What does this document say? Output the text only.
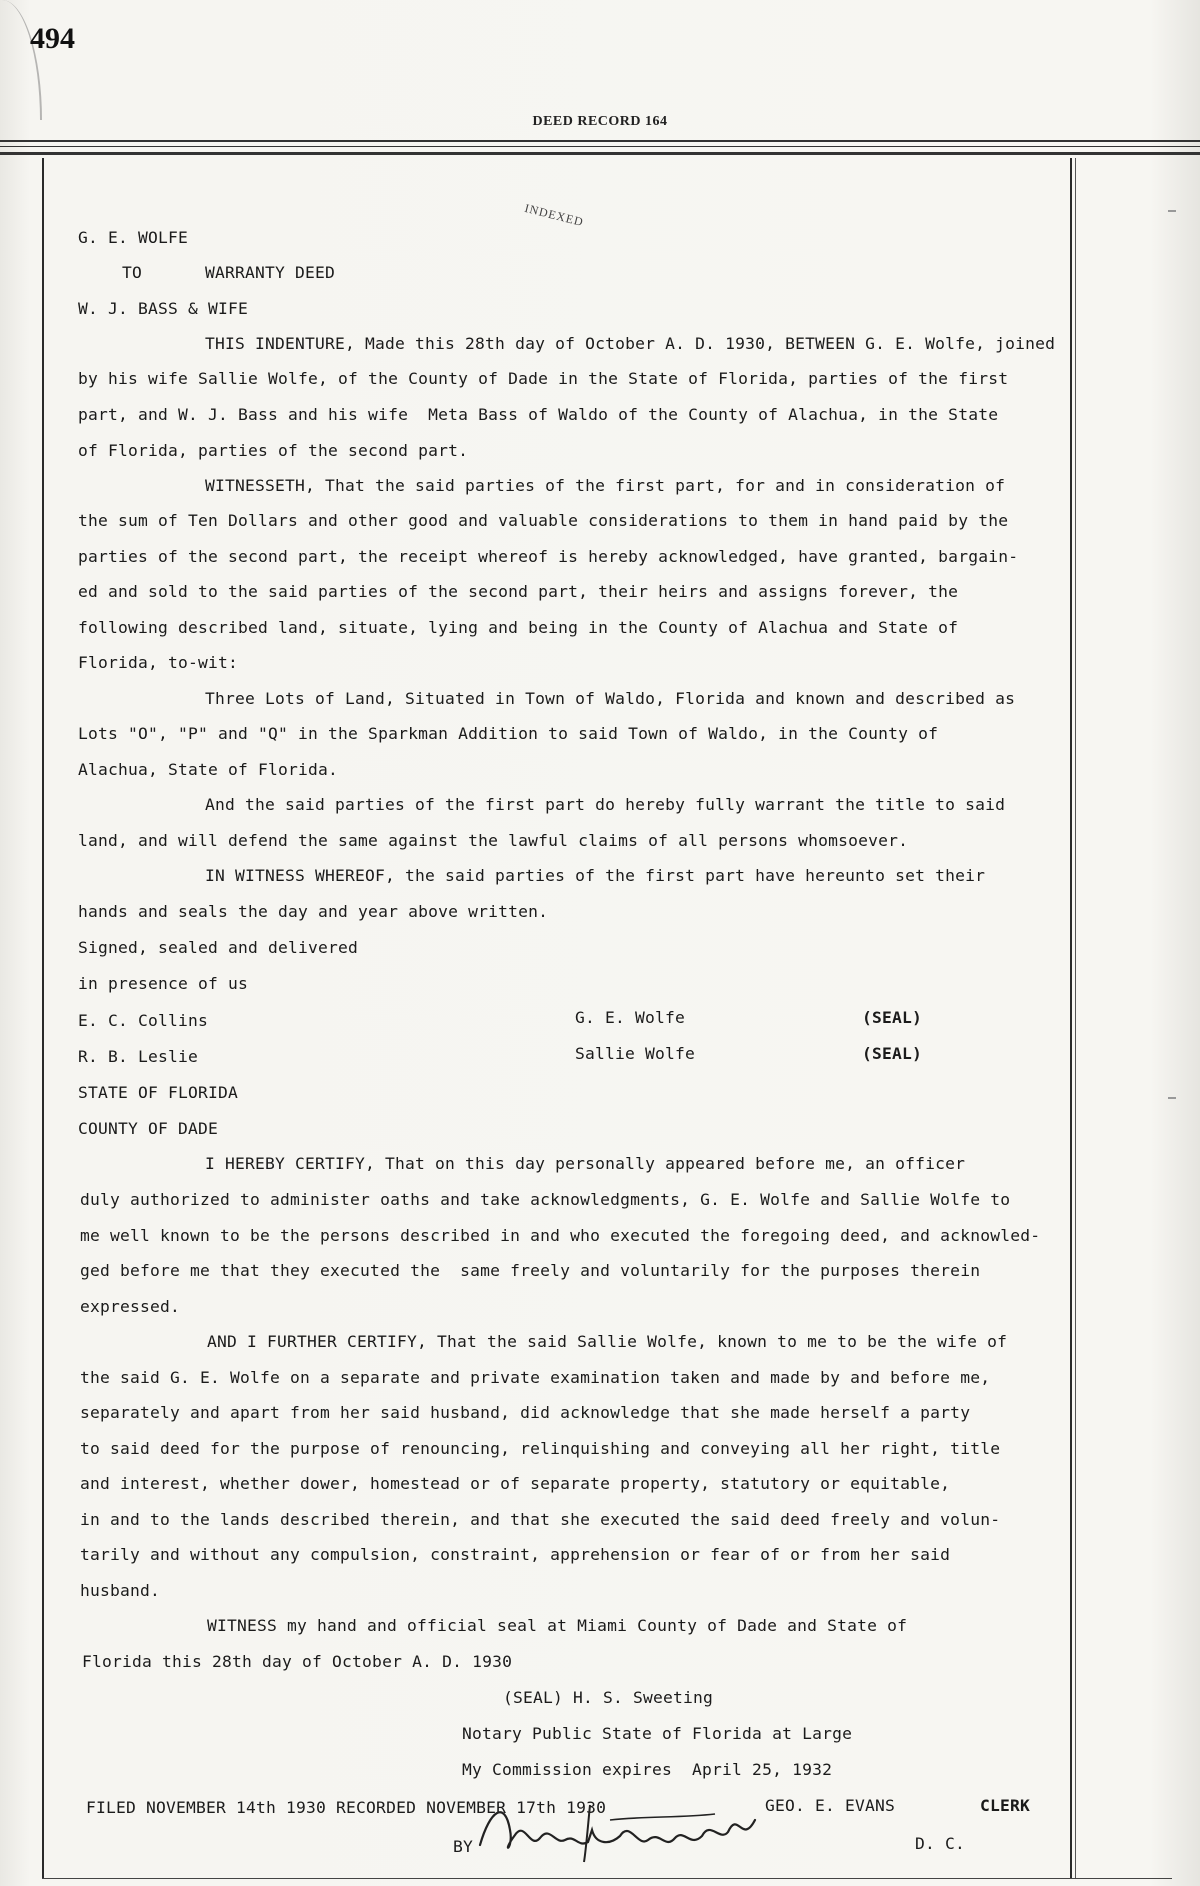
494
DEED RECORD 164
INDEXED
G. E. WOLFE
TO	WARRANTY DEED
W. J. BASS & WIFE
THIS INDENTURE, Made this 28th day of October A. D. 1930, BETWEEN G. E. Wolfe, joined
by his wife Sallie Wolfe, of the County of Dade in the State of Florida, parties of the first
part, and W. J. Bass and his wife  Meta Bass of Waldo of the County of Alachua, in the State
of Florida, parties of the second part.
WITNESSETH, That the said parties of the first part, for and in consideration of
the sum of Ten Dollars and other good and valuable considerations to them in hand paid by the
parties of the second part, the receipt whereof is hereby acknowledged, have granted, bargain-
ed and sold to the said parties of the second part, their heirs and assigns forever, the
following described land, situate, lying and being in the County of Alachua and State of
Florida, to-wit:
Three Lots of Land, Situated in Town of Waldo, Florida and known and described as
Lots "O", "P" and "Q" in the Sparkman Addition to said Town of Waldo, in the County of
Alachua, State of Florida.
And the said parties of the first part do hereby fully warrant the title to said
land, and will defend the same against the lawful claims of all persons whomsoever.
IN WITNESS WHEREOF, the said parties of the first part have hereunto set their
hands and seals the day and year above written.
Signed, sealed and delivered
in presence of us
E. C. Collins	G. E. Wolfe	(SEAL)
R. B. Leslie	Sallie Wolfe	(SEAL)
STATE OF FLORIDA
COUNTY OF DADE
I HEREBY CERTIFY, That on this day personally appeared before me, an officer
duly authorized to administer oaths and take acknowledgments, G. E. Wolfe and Sallie Wolfe to
me well known to be the persons described in and who executed the foregoing deed, and acknowled-
ged before me that they executed the  same freely and voluntarily for the purposes therein
expressed.
AND I FURTHER CERTIFY, That the said Sallie Wolfe, known to me to be the wife of
the said G. E. Wolfe on a separate and private examination taken and made by and before me,
separately and apart from her said husband, did acknowledge that she made herself a party
to said deed for the purpose of renouncing, relinquishing and conveying all her right, title
and interest, whether dower, homestead or of separate property, statutory or equitable,
in and to the lands described therein, and that she executed the said deed freely and volun-
tarily and without any compulsion, constraint, apprehension or fear of or from her said
husband.
WITNESS my hand and official seal at Miami County of Dade and State of
Florida this 28th day of October A. D. 1930
(SEAL) H. S. Sweeting
Notary Public State of Florida at Large
My Commission expires  April 25, 1932
FILED NOVEMBER 14th 1930 RECORDED NOVEMBER 17th 1930	GEO. E. EVANS	CLERK
BY	D. C.
